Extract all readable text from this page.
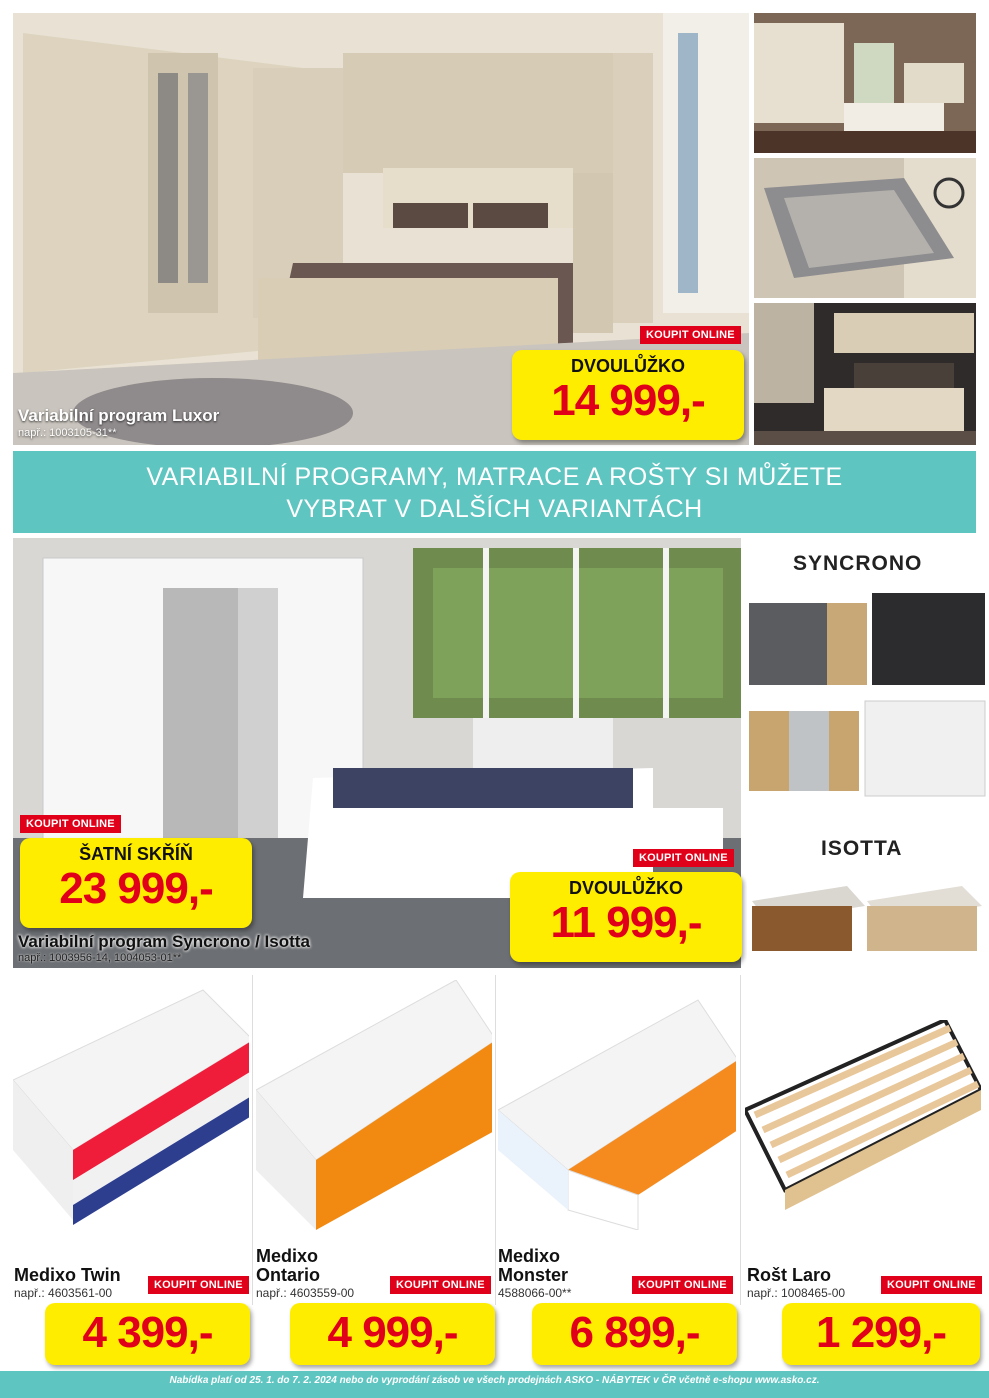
Variabilní program Luxor
např.: 1003105-31**
KOUPIT ONLINE
DVOULŮŽKO
14 999,-
VARIABILNÍ PROGRAMY, MATRACE A ROŠTY SI MŮŽETE
VYBRAT V DALŠÍCH VARIANTÁCH
KOUPIT ONLINE
ŠATNÍ SKŘÍŇ
23 999,-
KOUPIT ONLINE
DVOULŮŽKO
11 999,-
Variabilní program Syncrono / Isotta
např.: 1003956-14, 1004053-01**
SYNCRONO
ISOTTA
Medixo Twin
např.: 4603561-00
KOUPIT ONLINE
4 399,-
Medixo
Ontario
např.: 4603559-00
KOUPIT ONLINE
4 999,-
Medixo
Monster
4588066-00**
KOUPIT ONLINE
6 899,-
Rošt Laro
např.: 1008465-00
KOUPIT ONLINE
1 299,-
Nabídka platí od 25. 1. do 7. 2. 2024 nebo do vyprodání zásob ve všech prodejnách ASKO - NÁBYTEK v ČR včetně e-shopu www.asko.cz.
